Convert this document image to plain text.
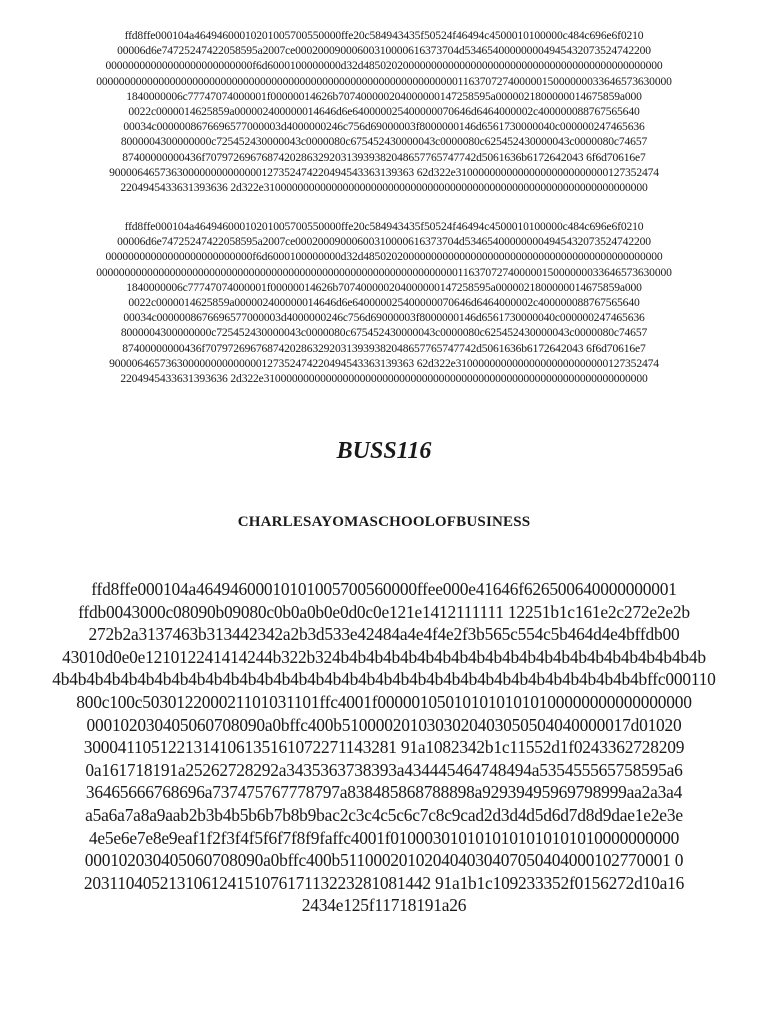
ffd8ffe000104a46494600010201005700550000ffe20c584943435f50524f46494c4500010100000c484c696e6f0210
00006d6e74725247422058595a2007ce00020009000600310000616373704d534654000000004945432073524742200
00000000000000000000000000f6d6000100000000d32d48502020000000000000000000000000000000000000000000000
000000000000000000000000000000000000000000000000000000000000000011637072740000015000000033646573630000
1840000006c77747074000001f00000014626b707400000204000000147258595a0000021800000014675859a000
0022c0000014625859a000002400000014646d6e640000025400000070646d6464000002c400000088767565640
00034c0000008676696577000003d4000000246c756d69000003f8000000146d6561730000040c000000247465636
8000004300000000c725452430000043c0000080c675452430000043c0000080c625452430000043c0000080c74657
87400000000436f707972696768742028632920313939382048657765747742d5061636b6172642043 6f6d70616e7
900006465736300000000000000127352474220494543363139363 62d322e310000000000000000000000000127352474
2204945433631393636 2d322e31000000000000000000000000000000000000000000000000000000000000000000

ffd8ffe000104a46494600010201005700550000ffe20c584943435f50524f46494c4500010100000c484c696e6f0210
00006d6e74725247422058595a2007ce00020009000600310000616373704d534654000000004945432073524742200
00000000000000000000000000f6d6000100000000d32d48502020000000000000000000000000000000000000000000000
000000000000000000000000000000000000000000000000000000000000000011637072740000015000000033646573630000
1840000006c77747074000001f00000014626b707400000204000000147258595a0000021800000014675859a000
0022c0000014625859a000002400000014646d6e640000025400000070646d6464000002c400000088767565640
00034c0000008676696577000003d4000000246c756d69000003f8000000146d6561730000040c000000247465636
8000004300000000c725452430000043c0000080c675452430000043c0000080c625452430000043c0000080c74657
87400000000436f707972696768742028632920313939382048657765747742d5061636b6172642043 6f6d70616e7
900006465736300000000000000127352474220494543363139363 62d322e310000000000000000000000000127352474
2204945433631393636 2d322e31000000000000000000000000000000000000000000000000000000000000000000

BUSS116
CHARLESAYOMASCHOOLOFBUSINESS

ffd8ffe000104a46494600010101005700560000ffee000e41646f626500640000000001
ffdb0043000c08090b09080c0b0a0b0e0d0c0e121e1412111111 12251b1c161e2c272e2e2b
272b2a3137463b313442342a2b3d533e42484a4e4f4e2f3b565c554c5b464d4e4bffdb00
43010d0e0e121012241414244b322b324b4b4b4b4b4b4b4b4b4b4b4b4b4b4b4b4b4b4b4b4b4b
4b4b4b4b4b4b4b4b4b4b4b4b4b4b4b4b4b4b4b4b4b4b4b4b4b4b4b4b4b4b4b4b4b4b4bffc000110
800c100c503012200021101031101ffc4001f0000010501010101010100000000000000000
000102030405060708090a0bffc400b5100002010303020403050504040000017d01020
3000411051221314106135161072271143281 91a1082342b1c11552d1f0243362728209
0a161718191a25262728292a3435363738393a434445464748494a535455565758595a6
36465666768696a737475767778797a838485868788898a92939495969798999aa2a3a4
a5a6a7a8a9aab2b3b4b5b6b7b8b9bac2c3c4c5c6c7c8c9cad2d3d4d5d6d7d8d9dae1e2e3e
4e5e6e7e8e9eaf1f2f3f4f5f6f7f8f9faffc4001f0100030101010101010101010000000000
000102030405060708090a0bffc400b511000201020404030407050404000102770001 0
20311040521310612415107617113223281081442 91a1b1c109233352f0156272d10a16
2434e125f11718191a26
